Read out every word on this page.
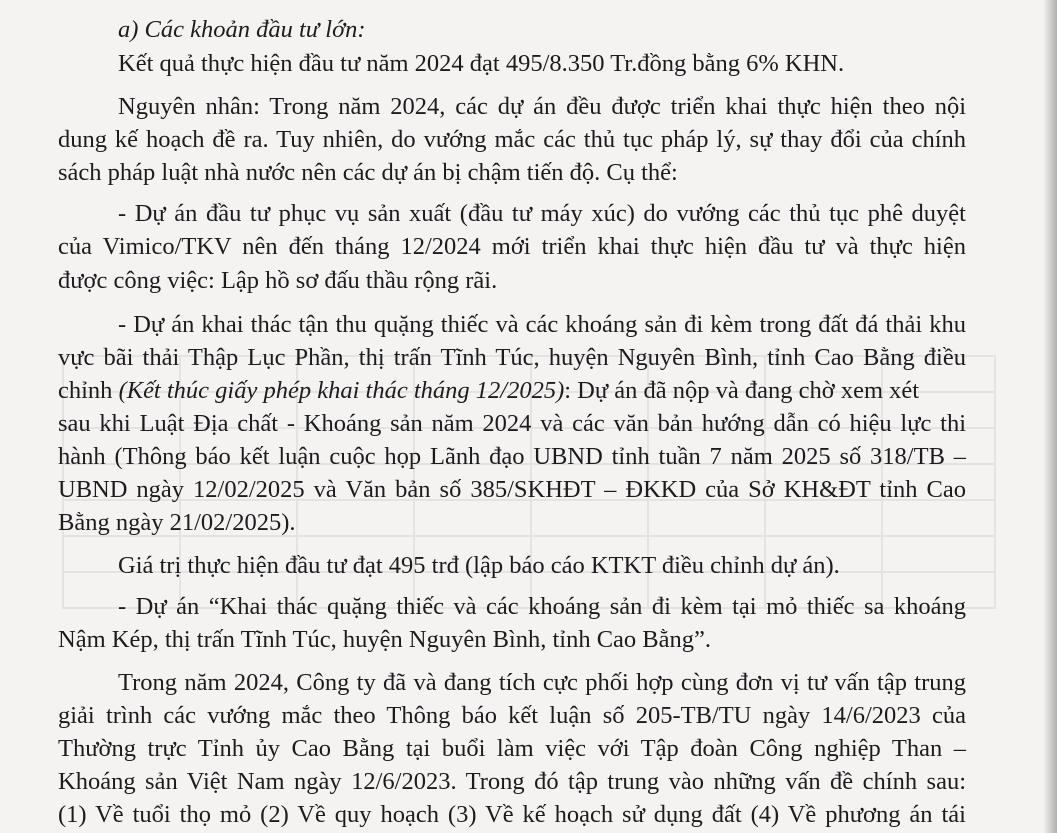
a) Các khoản đầu tư lớn:
Kết quả thực hiện đầu tư năm 2024 đạt 495/8.350 Tr.đồng bằng 6% KHN.
Nguyên nhân: Trong năm 2024, các dự án đều được triển khai thực hiện theo nội
dung kế hoạch đề ra. Tuy nhiên, do vướng mắc các thủ tục pháp lý, sự thay đổi của chính
sách pháp luật nhà nước nên các dự án bị chậm tiến độ. Cụ thể:
- Dự án đầu tư phục vụ sản xuất (đầu tư máy xúc) do vướng các thủ tục phê duyệt
của Vimico/TKV nên đến tháng 12/2024 mới triển khai thực hiện đầu tư và thực hiện
được công việc: Lập hồ sơ đấu thầu rộng rãi.
- Dự án khai thác tận thu quặng thiếc và các khoáng sản đi kèm trong đất đá thải khu
vực bãi thải Thập Lục Phần, thị trấn Tĩnh Túc, huyện Nguyên Bình, tỉnh Cao Bằng điều
chỉnh (Kết thúc giấy phép khai thác tháng 12/2025): Dự án đã nộp và đang chờ xem xét
sau khi Luật Địa chất - Khoáng sản năm 2024 và các văn bản hướng dẫn có hiệu lực thi
hành (Thông báo kết luận cuộc họp Lãnh đạo UBND tỉnh tuần 7 năm 2025 số 318/TB –
UBND ngày 12/02/2025 và Văn bản số 385/SKHĐT – ĐKKD của Sở KH&ĐT tỉnh Cao
Bằng ngày 21/02/2025).
Giá trị thực hiện đầu tư đạt 495 trđ (lập báo cáo KTKT điều chỉnh dự án).
- Dự án “Khai thác quặng thiếc và các khoáng sản đi kèm tại mỏ thiếc sa khoáng
Nậm Kép, thị trấn Tĩnh Túc, huyện Nguyên Bình, tỉnh Cao Bằng”.
Trong năm 2024, Công ty đã và đang tích cực phối hợp cùng đơn vị tư vấn tập trung
giải trình các vướng mắc theo Thông báo kết luận số 205-TB/TU ngày 14/6/2023 của
Thường trực Tỉnh ủy Cao Bằng tại buổi làm việc với Tập đoàn Công nghiệp Than –
Khoáng sản Việt Nam ngày 12/6/2023. Trong đó tập trung vào những vấn đề chính sau:
(1) Về tuổi thọ mỏ (2) Về quy hoạch (3) Về kế hoạch sử dụng đất (4) Về phương án tái
